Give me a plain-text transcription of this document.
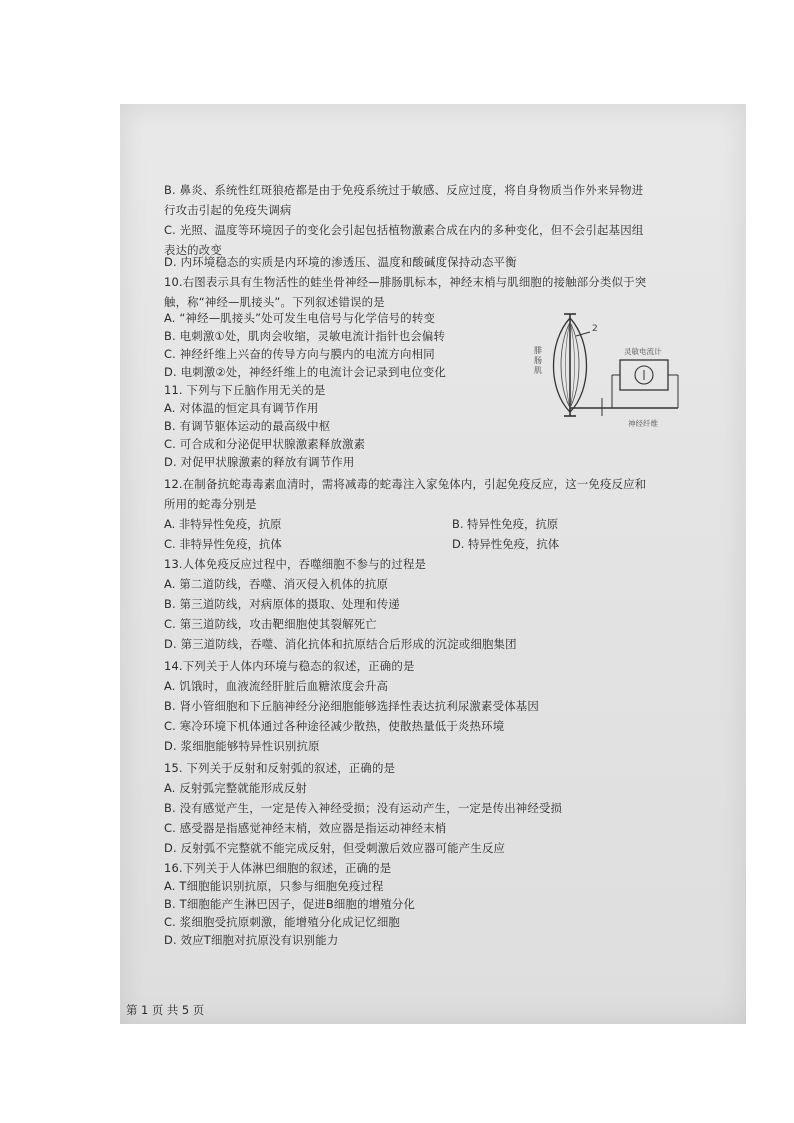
B. 鼻炎、系统性红斑狼疮都是由于免疫系统过于敏感、反应过度，将自身物质当作外来异物进
行攻击引起的免疫失调病
C. 光照、温度等环境因子的变化会引起包括植物激素合成在内的多种变化，但不会引起基因组
表达的改变
D. 内环境稳态的实质是内环境的渗透压、温度和酸碱度保持动态平衡
10.右图表示具有生物活性的蛙坐骨神经—腓肠肌标本，神经末梢与肌细胞的接触部分类似于突
触，称“神经—肌接头”。下列叙述错误的是
A. “神经—肌接头”处可发生电信号与化学信号的转变
B. 电刺激①处，肌肉会收缩，灵敏电流计指针也会偏转
C. 神经纤维上兴奋的传导方向与膜内的电流方向相同
D. 电刺激②处，神经纤维上的电流计会记录到电位变化
11. 下列与下丘脑作用无关的是
A. 对体温的恒定具有调节作用
B. 有调节躯体运动的最高级中枢
C. 可合成和分泌促甲状腺激素释放激素
D. 对促甲状腺激素的释放有调节作用
12.在制备抗蛇毒毒素血清时，需将减毒的蛇毒注入家兔体内，引起免疫反应，这一免疫反应和
所用的蛇毒分别是
A. 非特异性免疫，抗原	B. 特异性免疫，抗原
C. 非特异性免疫，抗体	D. 特异性免疫，抗体
13.人体免疫反应过程中，吞噬细胞不参与的过程是
A. 第二道防线，吞噬、消灭侵入机体的抗原
B. 第三道防线，对病原体的摄取、处理和传递
C. 第三道防线，攻击靶细胞使其裂解死亡
D. 第三道防线，吞噬、消化抗体和抗原结合后形成的沉淀或细胞集团
14.下列关于人体内环境与稳态的叙述，正确的是
A. 饥饿时，血液流经肝脏后血糖浓度会升高
B. 肾小管细胞和下丘脑神经分泌细胞能够选择性表达抗利尿激素受体基因
C. 寒冷环境下机体通过各种途径减少散热，使散热量低于炎热环境
D. 浆细胞能够特异性识别抗原
15. 下列关于反射和反射弧的叙述，正确的是
A. 反射弧完整就能形成反射
B. 没有感觉产生，一定是传入神经受损；没有运动产生，一定是传出神经受损
C. 感受器是指感觉神经末梢，效应器是指运动神经末梢
D. 反射弧不完整就不能完成反射，但受刺激后效应器可能产生反应
16.下列关于人体淋巴细胞的叙述，正确的是
A. T细胞能识别抗原，只参与细胞免疫过程
B. T细胞能产生淋巴因子，促进B细胞的增殖分化
C. 浆细胞受抗原刺激，能增殖分化成记忆细胞
D. 效应T细胞对抗原没有识别能力
腓肠肌
2
灵敏电流计
神经纤维
第 1 页 共 5 页
